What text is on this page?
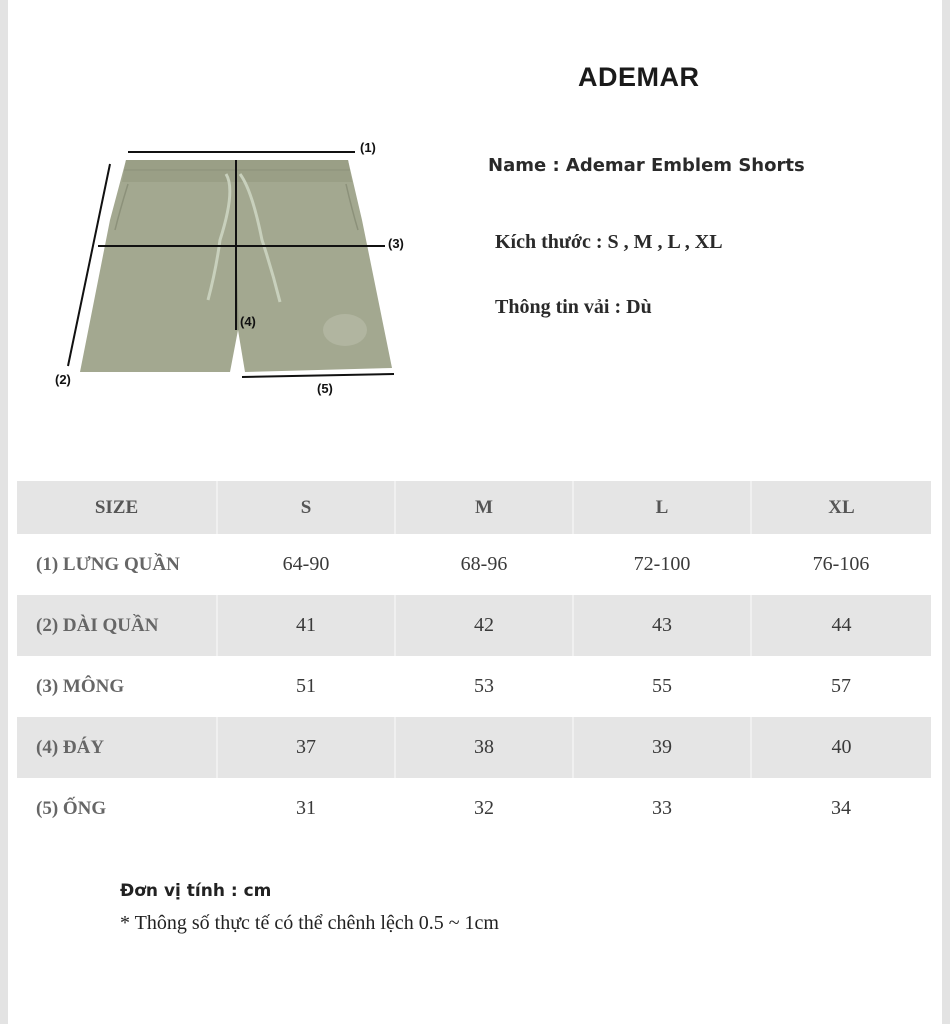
ADEMAR
(1)
(2)
(3)
(4)
(5)
Name : Ademar Emblem Shorts
Kích thước : S , M , L , XL
Thông tin vải : Dù
SIZE	S	M	L	XL
(1) LƯNG QUẦN	64-90	68-96	72-100	76-106
(2) DÀI QUẦN	41	42	43	44
(3) MÔNG	51	53	55	57
(4) ĐÁY	37	38	39	40
(5) ỐNG	31	32	33	34
Đơn vị tính : cm
* Thông số thực tế có thể chênh lệch 0.5 ~ 1cm
